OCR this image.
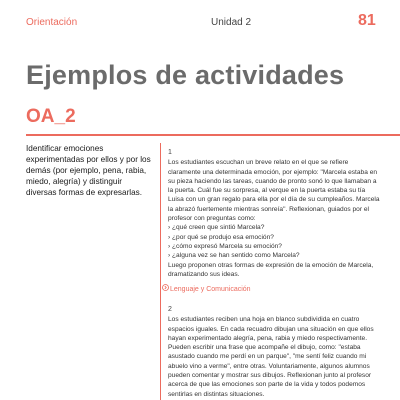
Orientación	Unidad 2	81
Ejemplos de actividades
OA_2

Identificar emociones experimentadas por ellos y por los demás (por ejemplo, pena, rabia, miedo, alegría) y distinguir diversas formas de expresarlas.

1

Los estudiantes escuchan un breve relato en el que se refiere claramente una determinada emoción, por ejemplo: "Marcela estaba en su pieza haciendo las tareas, cuando de pronto sonó lo que llamaban a la puerta. Cuál fue su sorpresa, al verque en la puerta estaba su tía Luisa con un gran regalo para ella por el día de su cumpleaños. Marcela la abrazó fuertemente mientras sonreía". Reflexionan, guiados por el profesor con preguntas como:

› ¿qué creen que sintió Marcela?

› ¿por qué se produjo esa emoción?

› ¿cómo expresó Marcela su emoción?

› ¿alguna vez se han sentido como Marcela?

Luego proponen otras formas de expresión de la emoción de Marcela, dramatizando sus ideas.

Lenguaje y Comunicación

2

Los estudiantes reciben una hoja en blanco subdividida en cuatro espacios iguales. En cada recuadro dibujan una situación en que ellos hayan experimentado alegría, pena, rabia y miedo respectivamente. Pueden escribir una frase que acompañe el dibujo, como: "estaba asustado cuando me perdí en un parque", "me sentí feliz cuando mi abuelo vino a verme", entre otras. Voluntariamente, algunos alumnos pueden comentar y mostrar sus dibujos. Reflexionan junto al profesor acerca de que las emociones son parte de la vida y todos podemos sentirlas en distintas situaciones.
